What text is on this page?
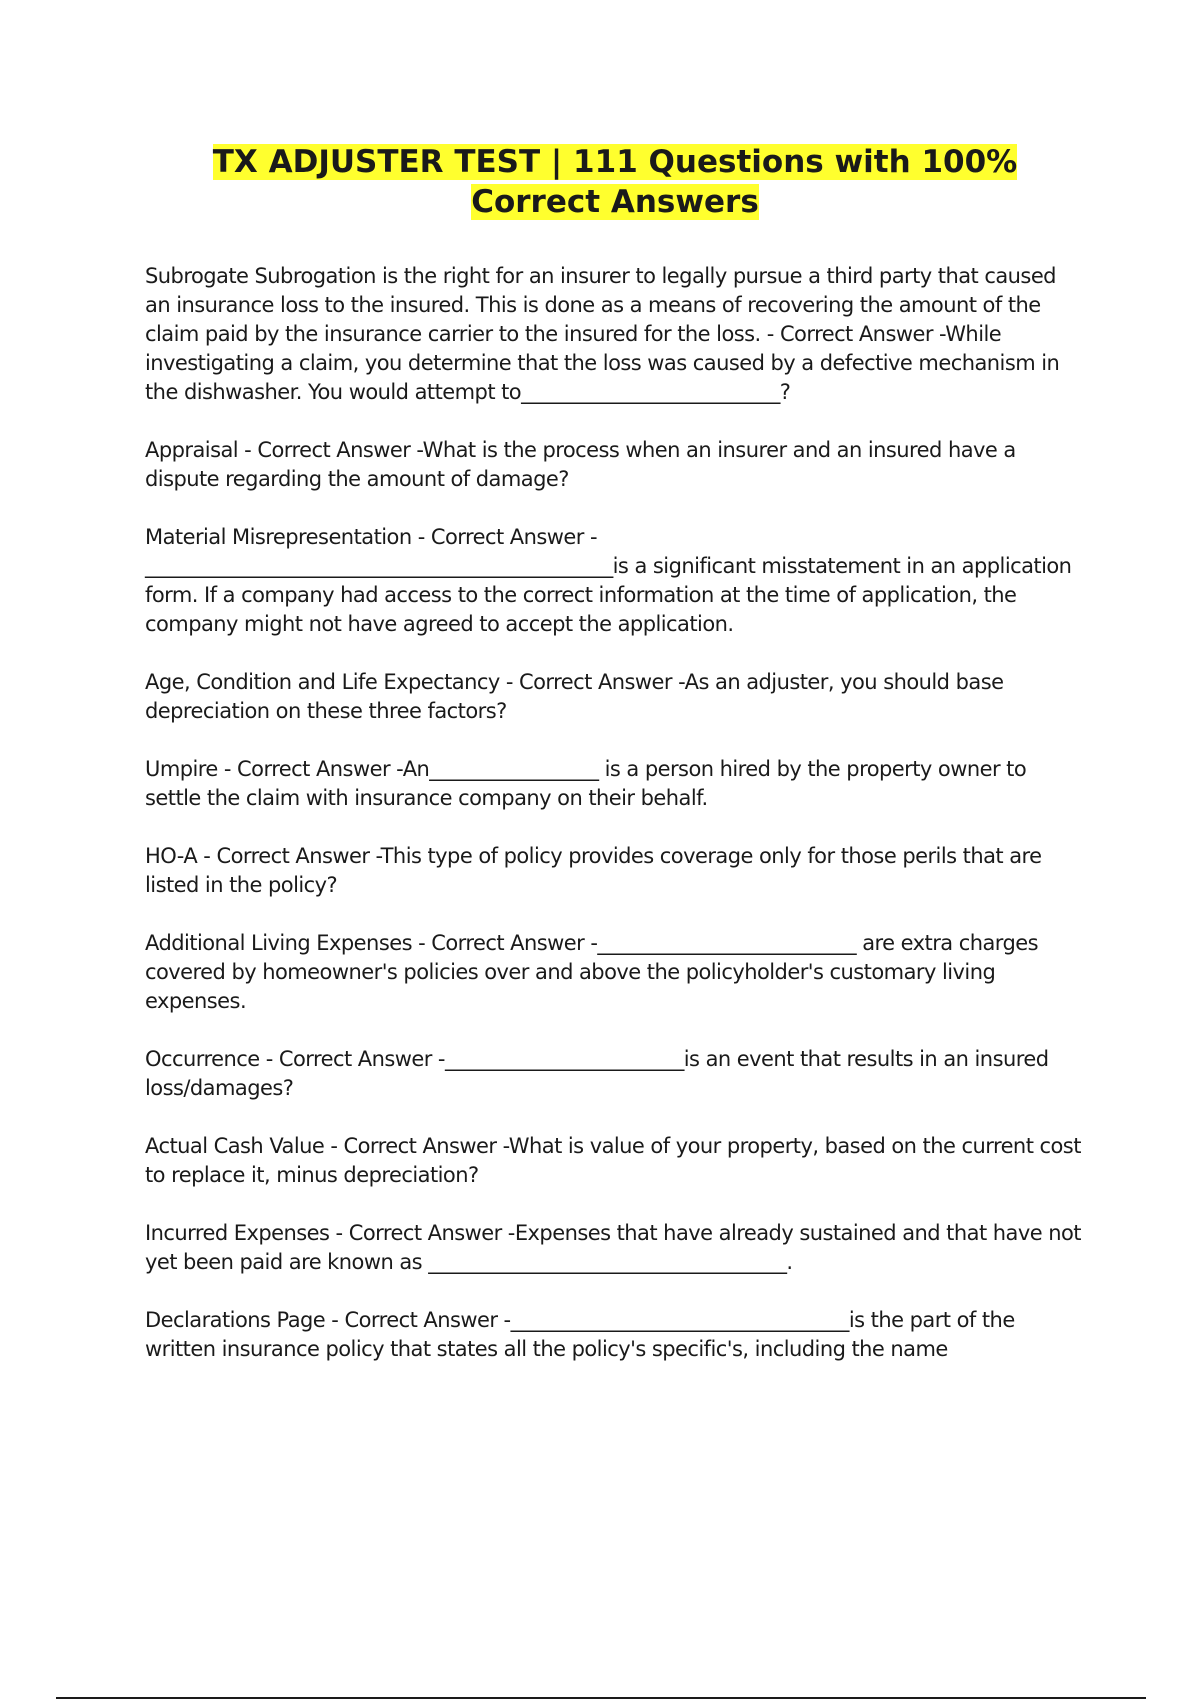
TX ADJUSTER TEST | 111 Questions with 100% Correct Answers

Subrogate Subrogation is the right for an insurer to legally pursue a third party that caused an insurance loss to the insured. This is done as a means of recovering the amount of the claim paid by the insurance carrier to the insured for the loss. - Correct Answer -While investigating a claim, you determine that the loss was caused by a defective mechanism in the dishwasher. You would attempt to__________________________?

Appraisal - Correct Answer -What is the process when an insurer and an insured have a dispute regarding the amount of damage?

Material Misrepresentation - Correct Answer - _______________________________________________is a significant misstatement in an application form. If a company had access to the correct information at the time of application, the company might not have agreed to accept the application.

Age, Condition and Life Expectancy - Correct Answer -As an adjuster, you should base depreciation on these three factors?

Umpire - Correct Answer -An_________________ is a person hired by the property owner to settle the claim with insurance company on their behalf.

HO-A - Correct Answer -This type of policy provides coverage only for those perils that are listed in the policy?

Additional Living Expenses - Correct Answer -__________________________ are extra charges covered by homeowner's policies over and above the policyholder's customary living expenses.

Occurrence - Correct Answer -________________________is an event that results in an insured loss/damages?

Actual Cash Value - Correct Answer -What is value of your property, based on the current cost to replace it, minus depreciation?

Incurred Expenses - Correct Answer -Expenses that have already sustained and that have not yet been paid are known as ____________________________________.

Declarations Page - Correct Answer -__________________________________is the part of the written insurance policy that states all the policy's specific's, including the name
